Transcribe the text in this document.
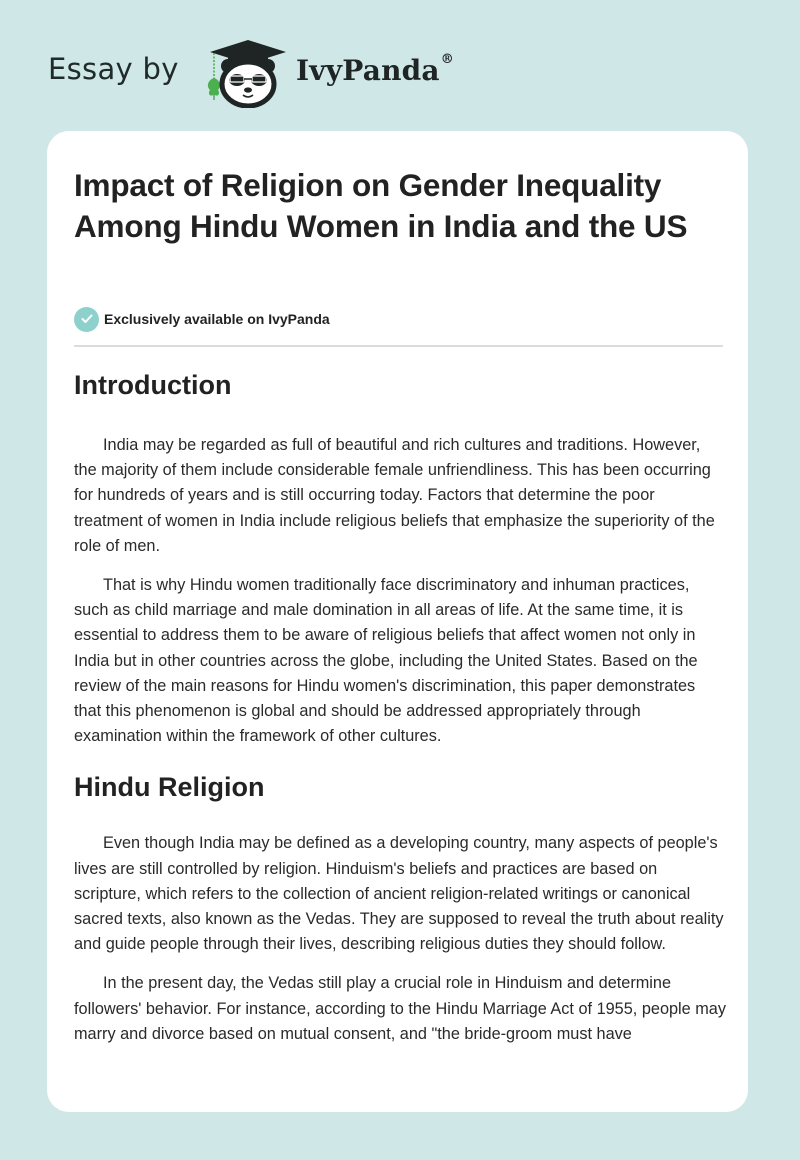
Essay by	IvyPanda®
Impact of Religion on Gender Inequality Among Hindu Women in India and the US
Exclusively available on IvyPanda
Introduction

India may be regarded as full of beautiful and rich cultures and traditions. However, the majority of them include considerable female unfriendliness. This has been occurring for hundreds of years and is still occurring today. Factors that determine the poor treatment of women in India include religious beliefs that emphasize the superiority of the role of men.

That is why Hindu women traditionally face discriminatory and inhuman practices, such as child marriage and male domination in all areas of life. At the same time, it is essential to address them to be aware of religious beliefs that affect women not only in India but in other countries across the globe, including the United States. Based on the review of the main reasons for Hindu women's discrimination, this paper demonstrates that this phenomenon is global and should be addressed appropriately through examination within the framework of other cultures.

Hindu Religion

Even though India may be defined as a developing country, many aspects of people's lives are still controlled by religion. Hinduism's beliefs and practices are based on scripture, which refers to the collection of ancient religion-related writings or canonical sacred texts, also known as the Vedas. They are supposed to reveal the truth about reality and guide people through their lives, describing religious duties they should follow.

In the present day, the Vedas still play a crucial role in Hinduism and determine followers' behavior. For instance, according to the Hindu Marriage Act of 1955, people may marry and divorce based on mutual consent, and "the bride-groom must have
